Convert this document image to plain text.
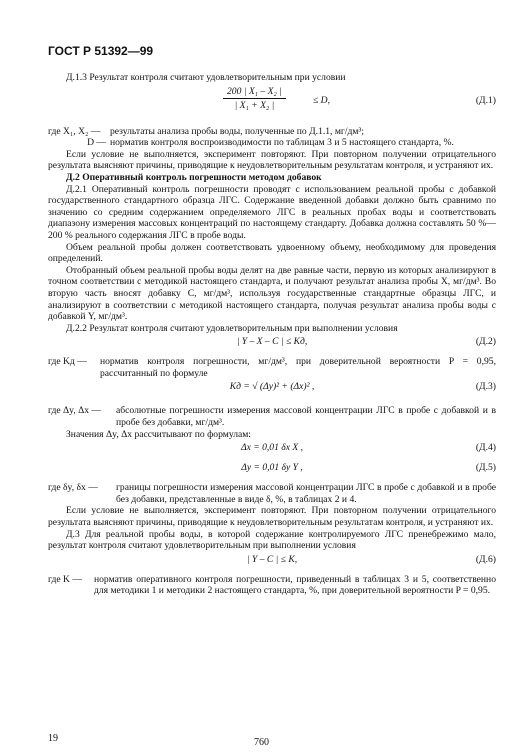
ГОСТ Р 51392—99

Д.1.3 Результат контроля считают удовлетворительным при условии

$\frac{\text{200 | X₁ – X₂ |}}{\text{| X₁ + X₂ |}}$	≤ D,	(Д.1)
где X₁, X₂ —	результаты анализа пробы воды, полученные по Д.1.1, мг/дм³;
D — норматив контроля воспроизводимости по таблицам 3 и 5 настоящего стандарта, %.

Если условие не выполняется, эксперимент повторяют. При повторном получении отрицательного результата выясняют причины, приводящие к неудовлетворительным результатам контроля, и устраняют их.

Д.2 Оперативный контроль погрешности методом добавок

Д.2.1 Оперативный контроль погрешности проводят с использованием реальной пробы с добавкой государственного стандартного образца ЛГС. Содержание введенной добавки должно быть сравнимо по значению со средним содержанием определяемого ЛГС в реальных пробах воды и соответствовать диапазону измерения массовых концентраций по настоящему стандарту. Добавка должна составлять 50 %—200 % реального содержания ЛГС в пробе воды.

Объем реальной пробы должен соответствовать удвоенному объему, необходимому для проведения определений.

Отобранный объем реальной пробы воды делят на две равные части, первую из которых анализируют в точном соответствии с методикой настоящего стандарта, и получают результат анализа пробы X, мг/дм³. Во вторую часть вносят добавку C, мг/дм³, используя государственные стандартные образцы ЛГС, и анализируют в соответствии с методикой настоящего стандарта, получая результат анализа пробы воды с добавкой Y, мг/дм³.

Д.2.2 Результат контроля считают удовлетворительным при выполнении условия

| Y – X – C | ≤ Kд,	(Д.2)
где Kд —	норматив контроля погрешности, мг/дм³, при доверительной вероятности P = 0,95, рассчитанный по формуле
Kд = √ (Δy)² + (Δx)² ,	(Д.3)
где Δy, Δx —	абсолютные погрешности измерения массовой концентрации ЛГС в пробе с добавкой и в пробе без добавки, мг/дм³.

Значения Δy, Δx рассчитывают по формулам:

Δx = 0,01 δx X ,	(Д.4)
Δy = 0,01 δy Y ,	(Д.5)
где δy, δx —	границы погрешности измерения массовой концентрации ЛГС в пробе с добавкой и в пробе без добавки, представленные в виде δ, %, в таблицах 2 и 4.

Если условие не выполняется, эксперимент повторяют. При повторном получении отрицательного результата выясняют причины, приводящие к неудовлетворительным результатам контроля, и устраняют их.

Д.3 Для реальной пробы воды, в которой содержание контролируемого ЛГС пренебрежимо мало, результат контроля считают удовлетворительным при выполнении условия

| Y – C | ≤ K,	(Д.6)
где K —	норматив оперативного контроля погрешности, приведенный в таблицах 3 и 5, соответственно для методики 1 и методики 2 настоящего стандарта, %, при доверительной вероятности P = 0,95.
19	760
